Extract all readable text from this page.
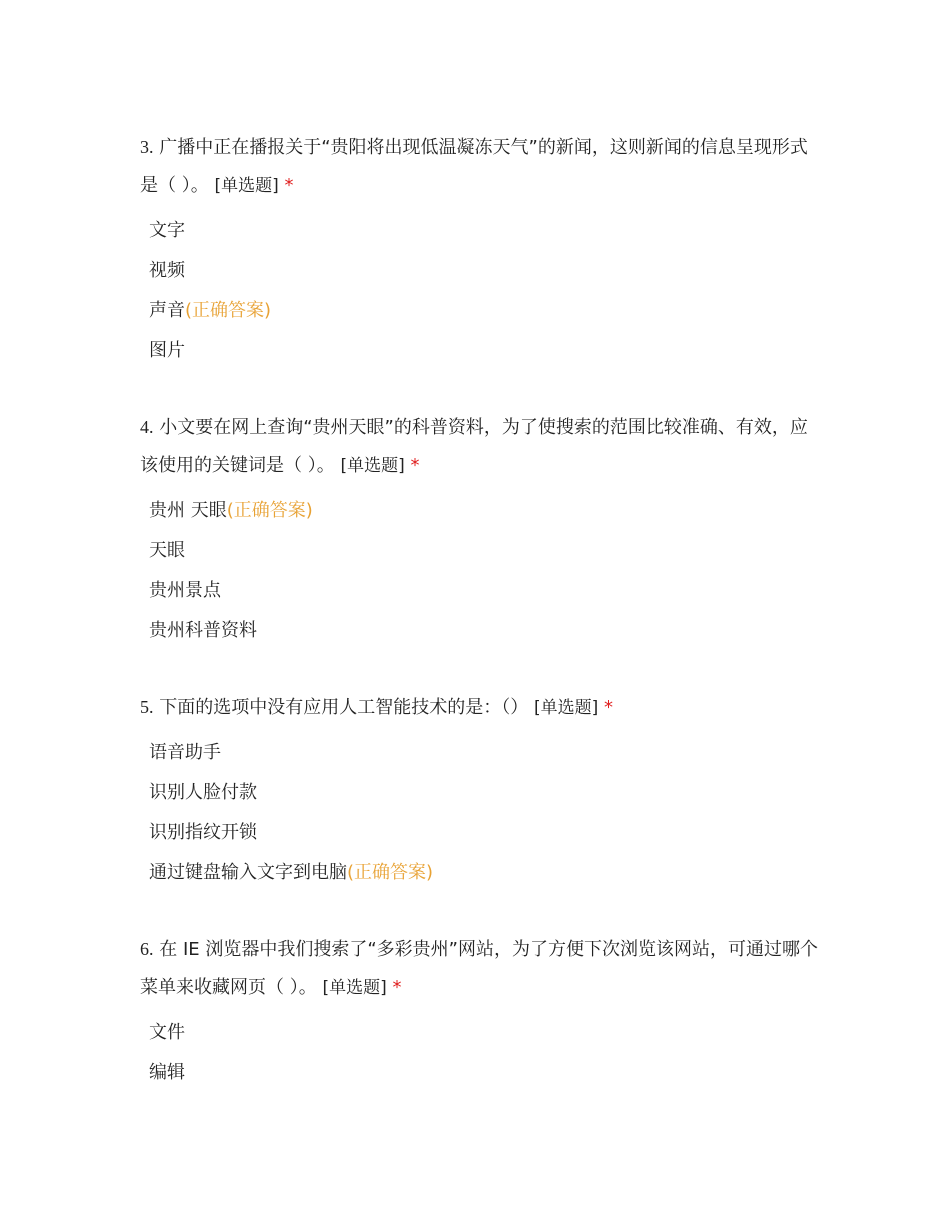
3. 广播中正在播报关于“贵阳将出现低温凝冻天气”的新闻，这则新闻的信息呈现形式是（ ）。 [单选题] *

文字
视频
声音(正确答案)
图片

4. 小文要在网上查询“贵州天眼”的科普资料，为了使搜索的范围比较准确、有效，应该使用的关键词是（ ）。 [单选题] *

贵州 天眼(正确答案)
天眼
贵州景点
贵州科普资料

5. 下面的选项中没有应用人工智能技术的是：（） [单选题] *

语音助手
识别人脸付款
识别指纹开锁
通过键盘输入文字到电脑(正确答案)

6. 在 IE 浏览器中我们搜索了“多彩贵州”网站，为了方便下次浏览该网站，可通过哪个菜单来收藏网页（ ）。 [单选题] *

文件
编辑
